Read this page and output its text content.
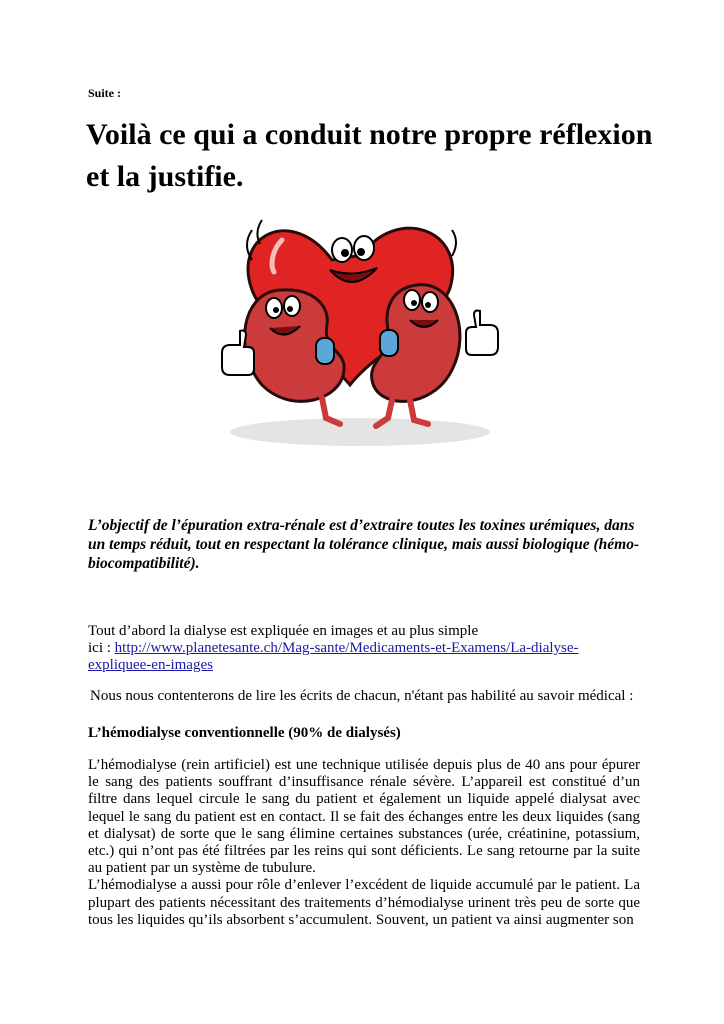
Suite :
Voilà ce qui a conduit notre propre réflexion et la justifie.

L’objectif de l’épuration extra-rénale est d’extraire toutes les toxines urémiques, dans un temps réduit, tout en respectant la tolérance clinique, mais aussi biologique (hémo-biocompatibilité).

Tout d’abord la dialyse est expliquée en images et au plus simple
ici : http://www.planetesante.ch/Mag-sante/Medicaments-et-Examens/La-dialyse-expliquee-en-images

Nous nous contenterons de lire les écrits de chacun, n'étant pas habilité au savoir médical :

L’hémodialyse conventionnelle (90% de dialysés)

L’hémodialyse (rein artificiel) est une technique utilisée depuis plus de 40 ans pour épurer le sang des patients souffrant d’insuffisance rénale sévère. L’appareil est constitué d’un filtre dans lequel circule le sang du patient et également un liquide appelé dialysat avec lequel le sang du patient est en contact. Il se fait des échanges entre les deux liquides (sang et dialysat) de sorte que le sang élimine certaines substances (urée, créatinine, potassium, etc.) qui n’ont pas été filtrées par les reins qui sont déficients. Le sang retourne par la suite au patient par un système de tubulure.

L’hémodialyse a aussi pour rôle d’enlever l’excédent de liquide accumulé par le patient. La plupart des patients nécessitant des traitements d’hémodialyse urinent très peu de sorte que tous les liquides qu’ils absorbent s’accumulent. Souvent, un patient va ainsi augmenter son
